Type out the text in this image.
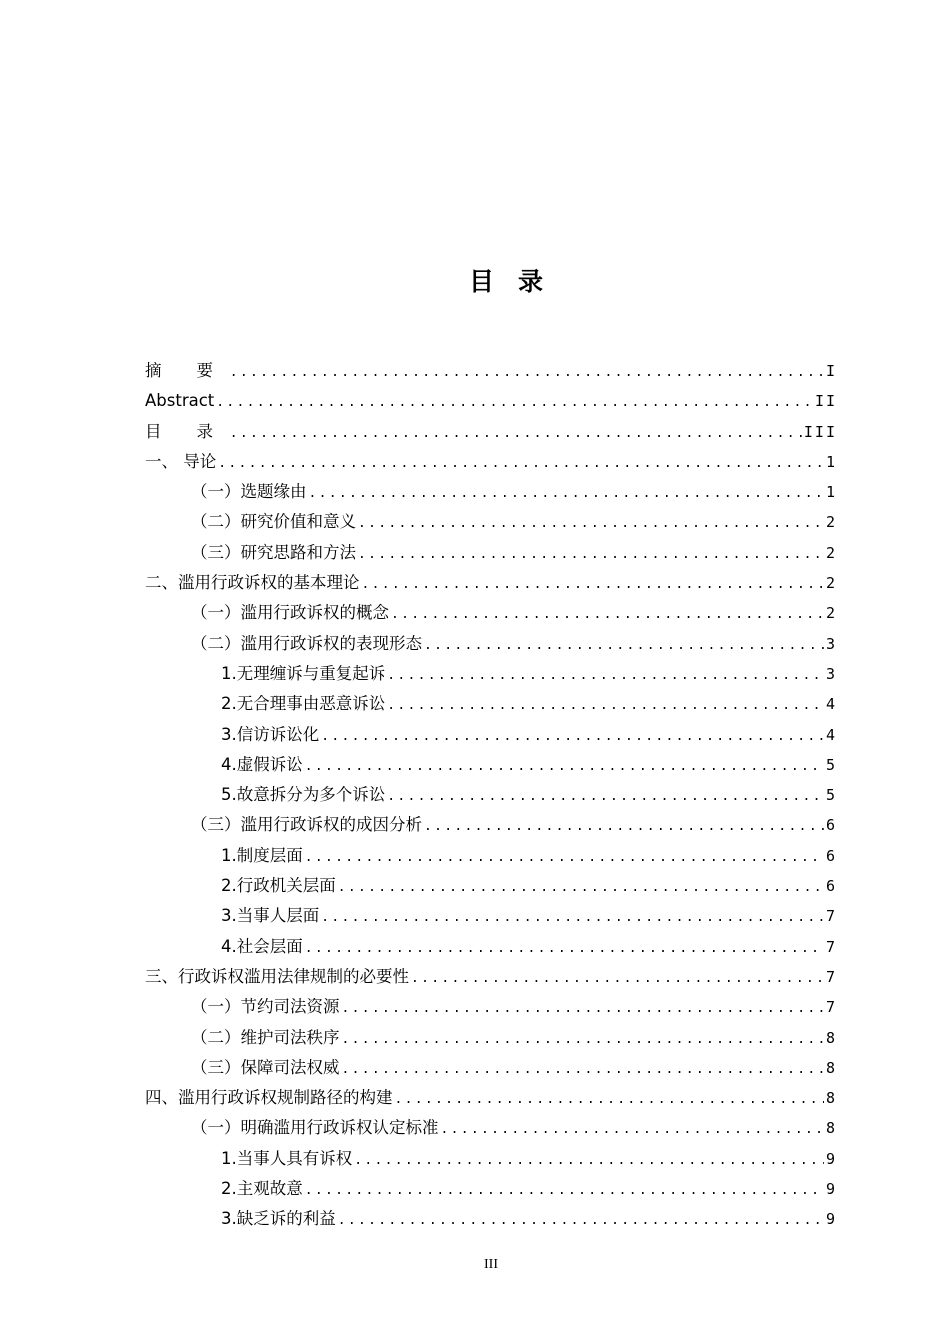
目录
摘 要 .....	I
Abstract .....	II
目 录 .....	III
一、 导论 .....	1
（一）选题缘由 .....	1
（二）研究价值和意义 .....	2
（三）研究思路和方法 .....	2
二、滥用行政诉权的基本理论 .....	2
（一）滥用行政诉权的概念 .....	2
（二）滥用行政诉权的表现形态 .....	3
1.无理缠诉与重复起诉 .....	3
2.无合理事由恶意诉讼 .....	4
3.信访诉讼化 .....	4
4.虚假诉讼 .....	5
5.故意拆分为多个诉讼 .....	5
（三）滥用行政诉权的成因分析 .....	6
1.制度层面 .....	6
2.行政机关层面 .....	6
3.当事人层面 .....	7
4.社会层面 .....	7
三、行政诉权滥用法律规制的必要性 .....	7
（一）节约司法资源 .....	7
（二）维护司法秩序 .....	8
（三）保障司法权威 .....	8
四、滥用行政诉权规制路径的构建 .....	8
（一）明确滥用行政诉权认定标准 .....	8
1.当事人具有诉权 .....	9
2.主观故意 .....	9
3.缺乏诉的利益 .....	9
III
